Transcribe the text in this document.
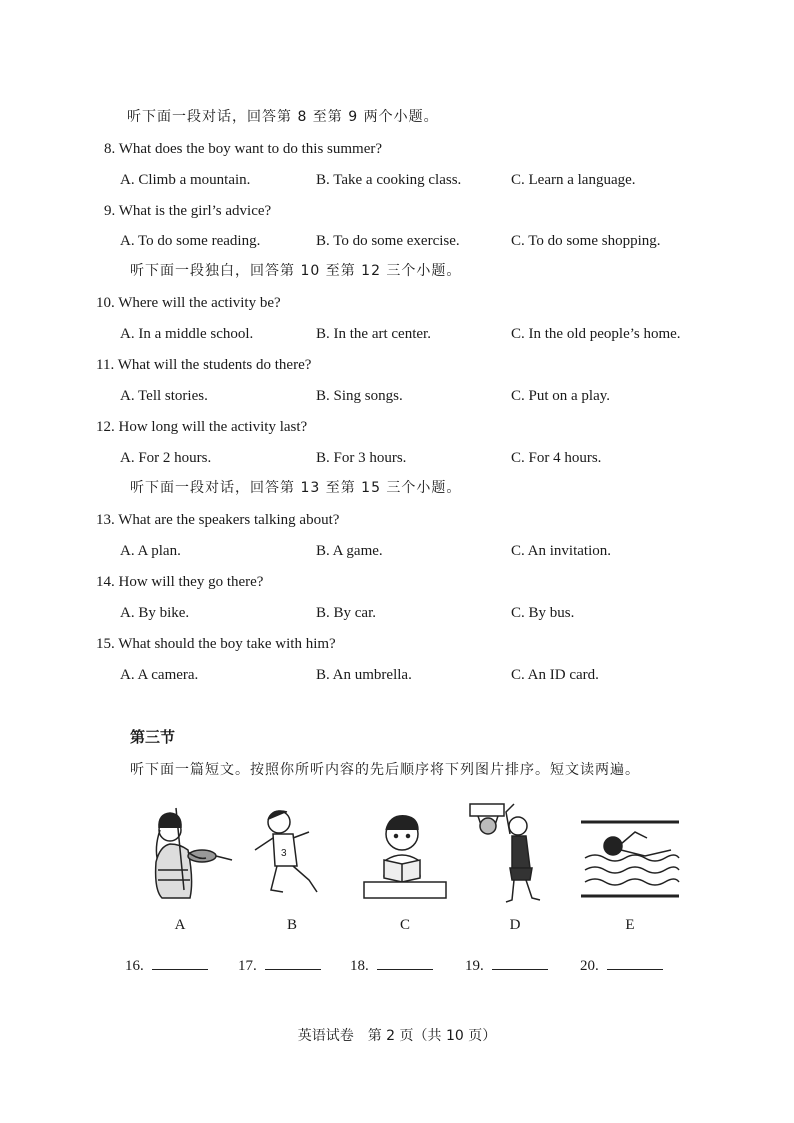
听下面一段对话，回答第 8 至第 9 两个小题。
8. What does the boy want to do this summer?
A. Climb a mountain.	B. Take a cooking class.	C. Learn a language.
9. What is the girl’s advice?
A. To do some reading.	B. To do some exercise.	C. To do some shopping.
听下面一段独白，回答第 10 至第 12 三个小题。
10. Where will the activity be?
A. In a middle school.	B. In the art center.	C. In the old people’s home.
11. What will the students do there?
A. Tell stories.	B. Sing songs.	C. Put on a play.
12. How long will the activity last?
A. For 2 hours.	B. For 3 hours.	C. For 4 hours.
听下面一段对话，回答第 13 至第 15 三个小题。
13. What are the speakers talking about?
A. A plan.	B. A game.	C. An invitation.
14. How will they go there?
A. By bike.	B. By car.	C. By bus.
15. What should the boy take with him?
A. A camera.	B. An umbrella.	C. An ID card.
第三节
听下面一篇短文。按照你所听内容的先后顺序将下列图片排序。短文读两遍。
3
A	B	C	D	E
16.	17.	18.	19.	20.
英语试卷　第 2 页（共 10 页）
